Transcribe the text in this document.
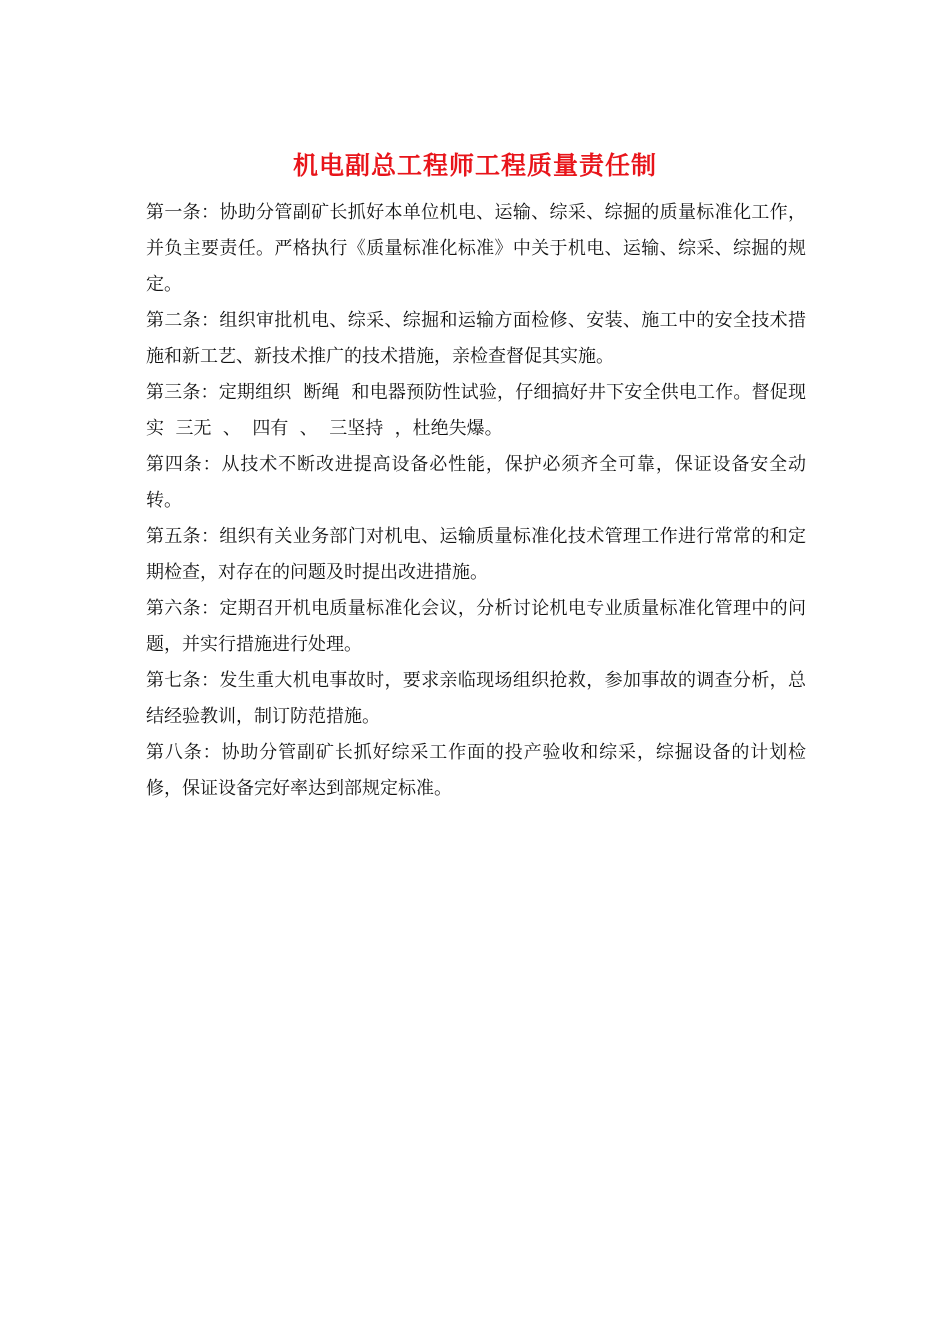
机电副总工程师工程质量责任制

第一条：协助分管副矿长抓好本单位机电、运输、综采、综掘的质量标准化工作，并负主要责任。严格执行《质量标准化标准》中关于机电、运输、综采、综掘的规定。

第二条：组织审批机电、综采、综掘和运输方面检修、安装、施工中的安全技术措施和新工艺、新技术推广的技术措施，亲检查督促其实施。

第三条：定期组织  断绳  和电器预防性试验，仔细搞好井下安全供电工作。督促现实  三无  、  四有  、  三坚持  ，杜绝失爆。

第四条：从技术不断改进提高设备必性能，保护必须齐全可靠，保证设备安全动转。

第五条：组织有关业务部门对机电、运输质量标准化技术管理工作进行常常的和定期检查，对存在的问题及时提出改进措施。

第六条：定期召开机电质量标准化会议，分析讨论机电专业质量标准化管理中的问题，并实行措施进行处理。

第七条：发生重大机电事故时，要求亲临现场组织抢救，参加事故的调查分析，总结经验教训，制订防范措施。

第八条：协助分管副矿长抓好综采工作面的投产验收和综采，综掘设备的计划检修，保证设备完好率达到部规定标准。
